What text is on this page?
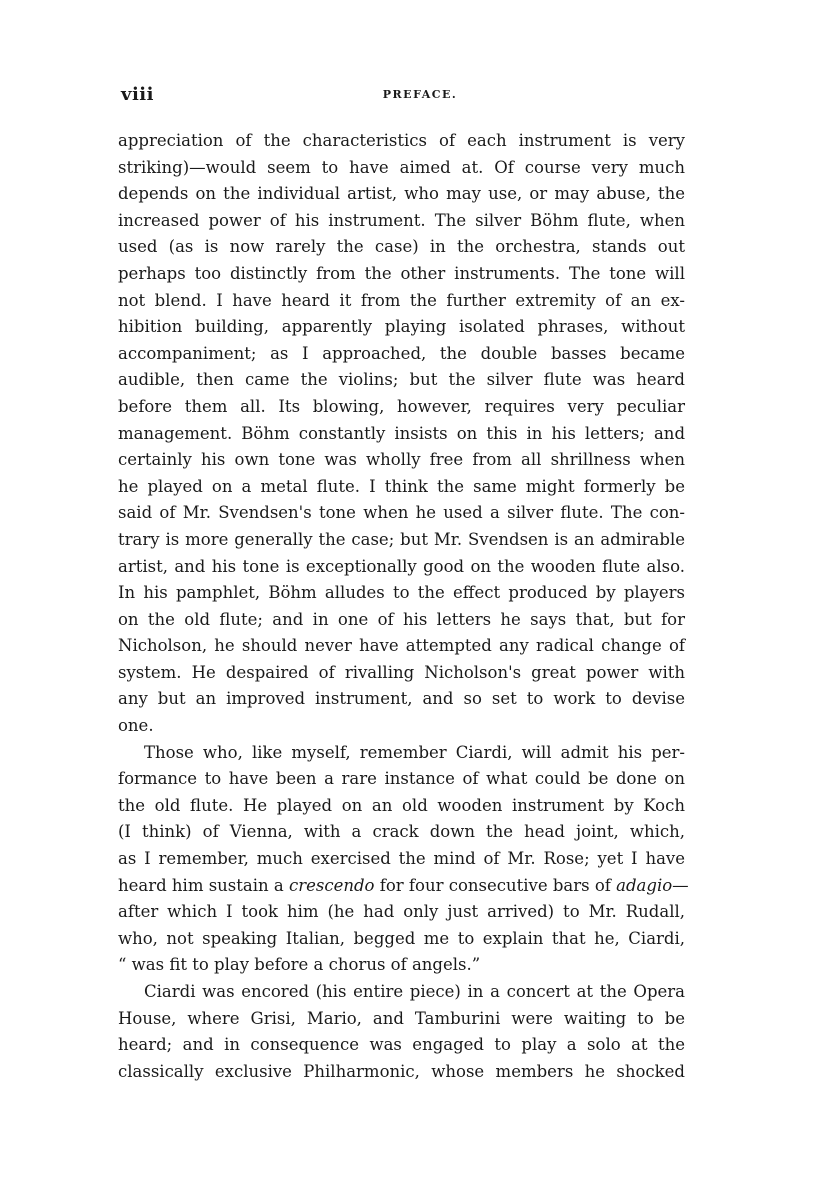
viii	PREFACE.
appreciation of the characteristics of each instrument is very
striking)—would seem to have aimed at. Of course very much
depends on the individual artist, who may use, or may abuse, the
increased power of his instrument. The silver Böhm flute, when
used (as is now rarely the case) in the orchestra, stands out
perhaps too distinctly from the other instruments. The tone will
not blend. I have heard it from the further extremity of an ex-
hibition building, apparently playing isolated phrases, without
accompaniment; as I approached, the double basses became
audible, then came the violins; but the silver flute was heard
before them all. Its blowing, however, requires very peculiar
management. Böhm constantly insists on this in his letters; and
certainly his own tone was wholly free from all shrillness when
he played on a metal flute. I think the same might formerly be
said of Mr. Svendsen's tone when he used a silver flute. The con-
trary is more generally the case; but Mr. Svendsen is an admirable
artist, and his tone is exceptionally good on the wooden flute also.
In his pamphlet, Böhm alludes to the effect produced by players
on the old flute; and in one of his letters he says that, but for
Nicholson, he should never have attempted any radical change of
system. He despaired of rivalling Nicholson's great power with
any but an improved instrument, and so set to work to devise
one.
Those who, like myself, remember Ciardi, will admit his per-
formance to have been a rare instance of what could be done on
the old flute. He played on an old wooden instrument by Koch
(I think) of Vienna, with a crack down the head joint, which,
as I remember, much exercised the mind of Mr. Rose; yet I have
heard him sustain a crescendo for four consecutive bars of adagio—
after which I took him (he had only just arrived) to Mr. Rudall,
who, not speaking Italian, begged me to explain that he, Ciardi,
“ was fit to play before a chorus of angels.”
Ciardi was encored (his entire piece) in a concert at the Opera
House, where Grisi, Mario, and Tamburini were waiting to be
heard; and in consequence was engaged to play a solo at the
classically exclusive Philharmonic, whose members he shocked
